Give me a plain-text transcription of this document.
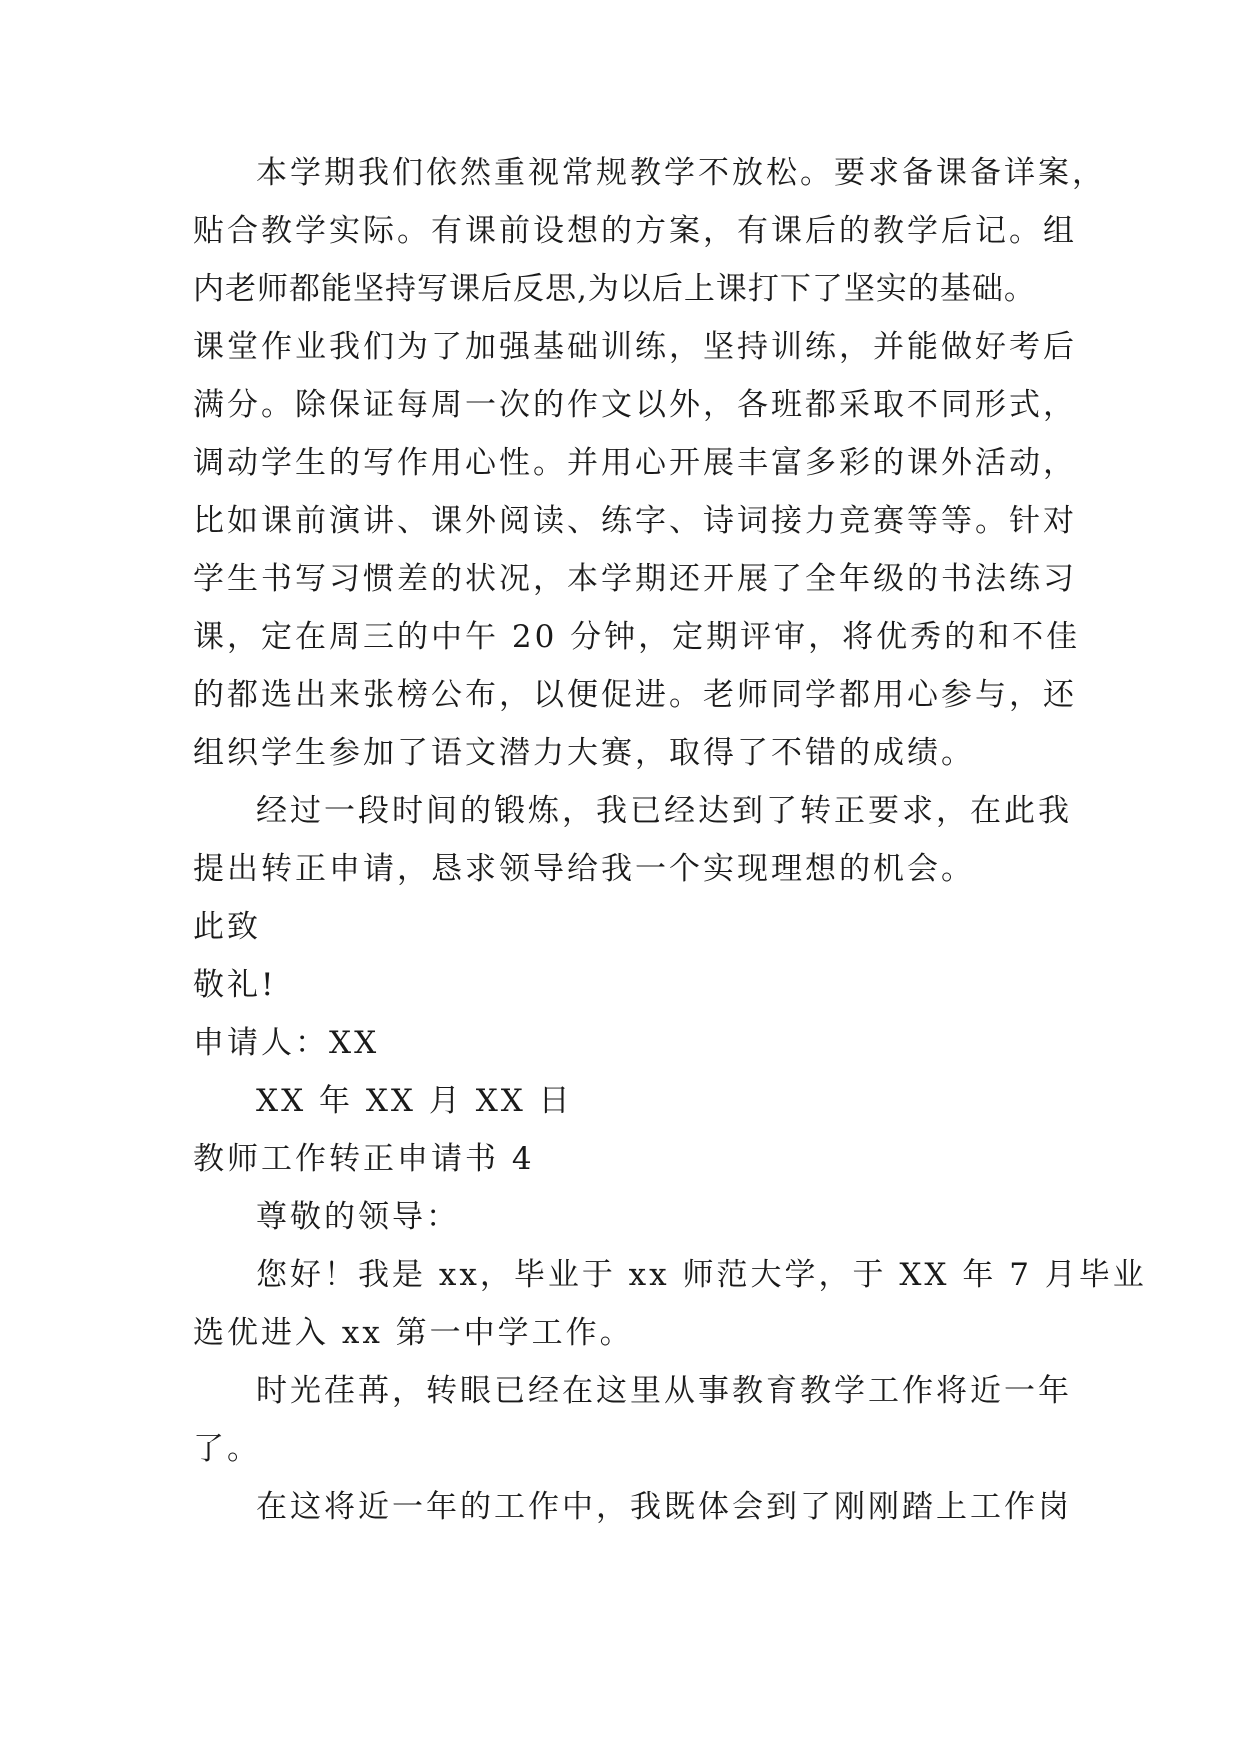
本学期我们依然重视常规教学不放松。要求备课备详案，

贴合教学实际。有课前设想的方案，有课后的教学后记。组

内老师都能坚持写课后反思,为以后上课打下了坚实的基础。

课堂作业我们为了加强基础训练，坚持训练，并能做好考后

满分。除保证每周一次的作文以外，各班都采取不同形式，

调动学生的写作用心性。并用心开展丰富多彩的课外活动，

比如课前演讲、课外阅读、练字、诗词接力竞赛等等。针对

学生书写习惯差的状况，本学期还开展了全年级的书法练习

课，定在周三的中午 20 分钟，定期评审，将优秀的和不佳

的都选出来张榜公布，以便促进。老师同学都用心参与，还

组织学生参加了语文潜力大赛，取得了不错的成绩。

经过一段时间的锻炼，我已经达到了转正要求，在此我

提出转正申请，恳求领导给我一个实现理想的机会。

此致

敬礼!

申请人：XX

XX 年 XX 月 XX 日

教师工作转正申请书 4

尊敬的领导：

您好！我是 xx，毕业于 xx 师范大学，于 XX 年 7 月毕业

选优进入 xx 第一中学工作。

时光荏苒，转眼已经在这里从事教育教学工作将近一年

了。

在这将近一年的工作中，我既体会到了刚刚踏上工作岗
